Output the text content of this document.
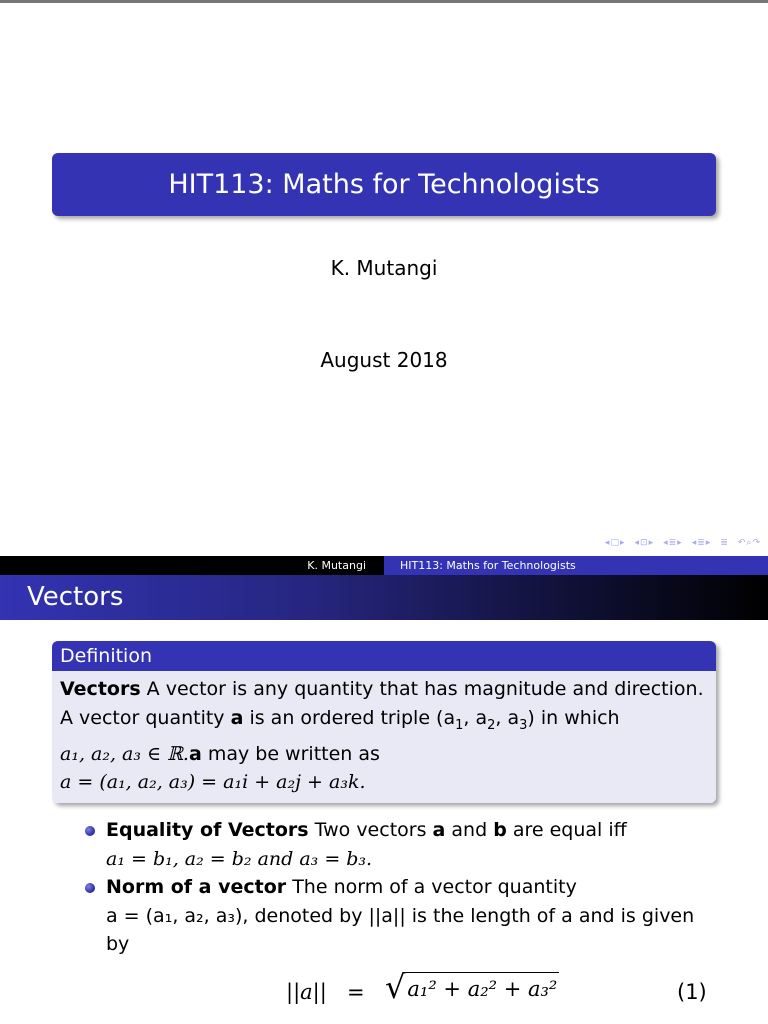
HIT113: Maths for Technologists
K. Mutangi
August 2018
◂ □ ▸ ◂ ⊡ ▸ ◂ ≣ ▸ ◂ ≣ ▸ ≣ ↶ ⌕ ↷
K. Mutangi	HIT113: Maths for Technologists
Vectors
Definition
Vectors A vector is any quantity that has magnitude and direction.
A vector quantity a is an ordered triple ($a_1$, $a_2$, $a_3$) in which
a₁, a₂, a₃ ∈ ℝ.a may be written as
a = (a₁, a₂, a₃) = a₁i + a₂j + a₃k.
Equality of Vectors Two vectors a and b are equal iff
a₁ = b₁, a₂ = b₂ and a₃ = b₃.
Norm of a vector The norm of a vector quantity
a = (a₁, a₂, a₃), denoted by ||a|| is the length of a and is given
by
||a|| = √ a₁² + a₂² + a₃²	(1)
